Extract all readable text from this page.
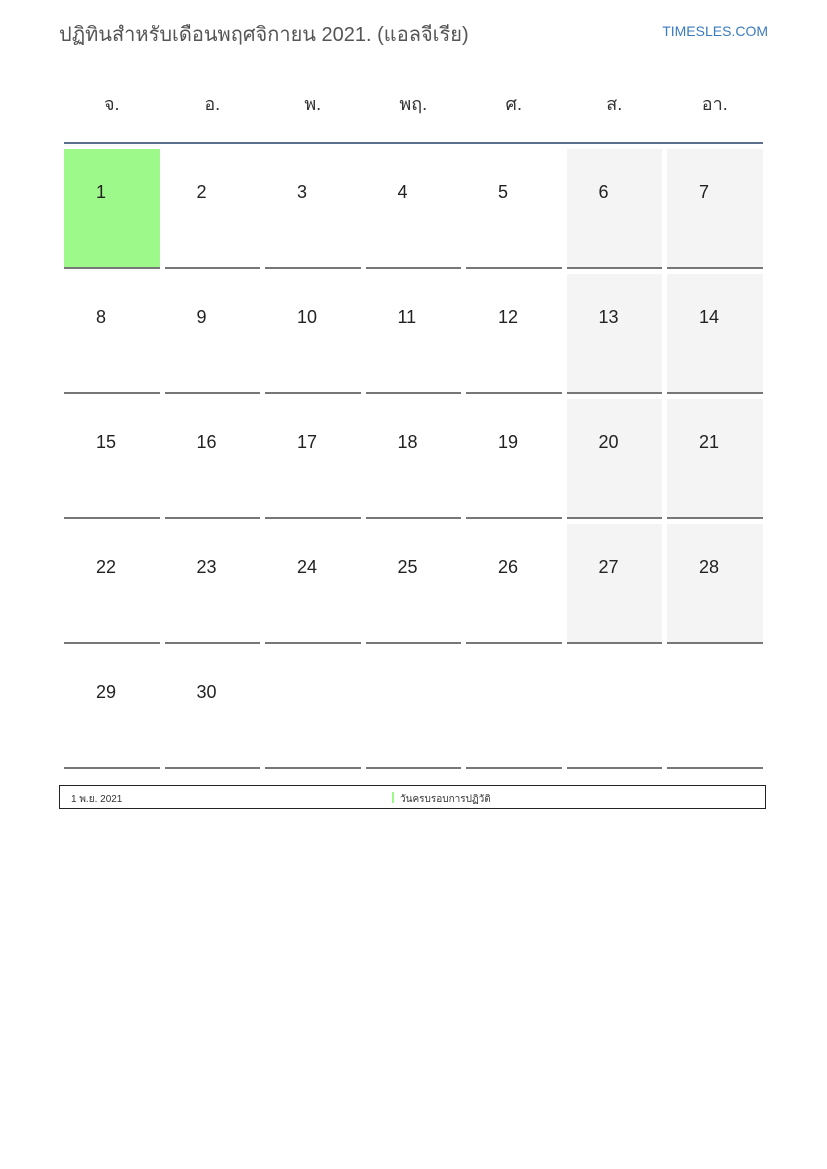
ปฏิทินสำหรับเดือนพฤศจิกายน 2021. (แอลจีเรีย)	TIMESLES.COM
จ.	อ.	พ.	พฤ.	ศ.	ส.	อา.
1	2	3	4	5	6	7
8	9	10	11	12	13	14
15	16	17	18	19	20	21
22	23	24	25	26	27	28
29	30
1 พ.ย. 2021	วันครบรอบการปฏิวัติ
